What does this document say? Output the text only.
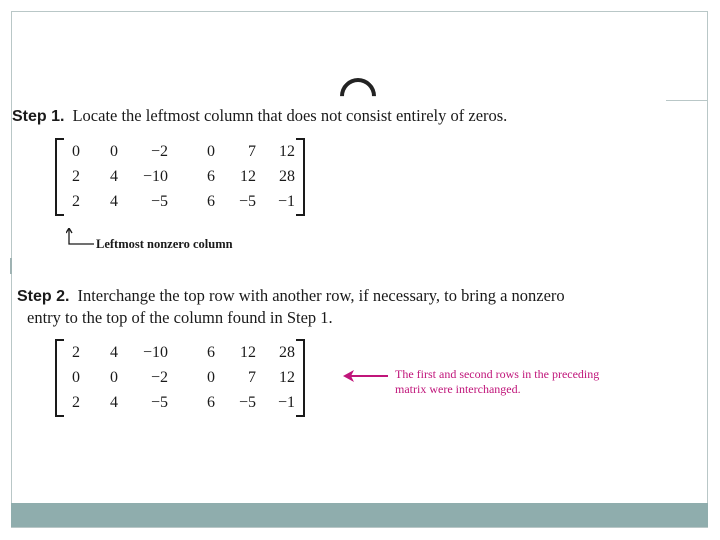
Step 1. Locate the leftmost column that does not consist entirely of zeros.
0	0	−2	0	7	12
2	4	−10	6	12	28
2	4	−5	6	−5	−1
Leftmost nonzero column
Step 2. Interchange the top row with another row, if necessary, to bring a nonzero
entry to the top of the column found in Step 1.
2	4	−10	6	12	28
0	0	−2	0	7	12
2	4	−5	6	−5	−1
The first and second rows in the preceding
matrix were interchanged.
